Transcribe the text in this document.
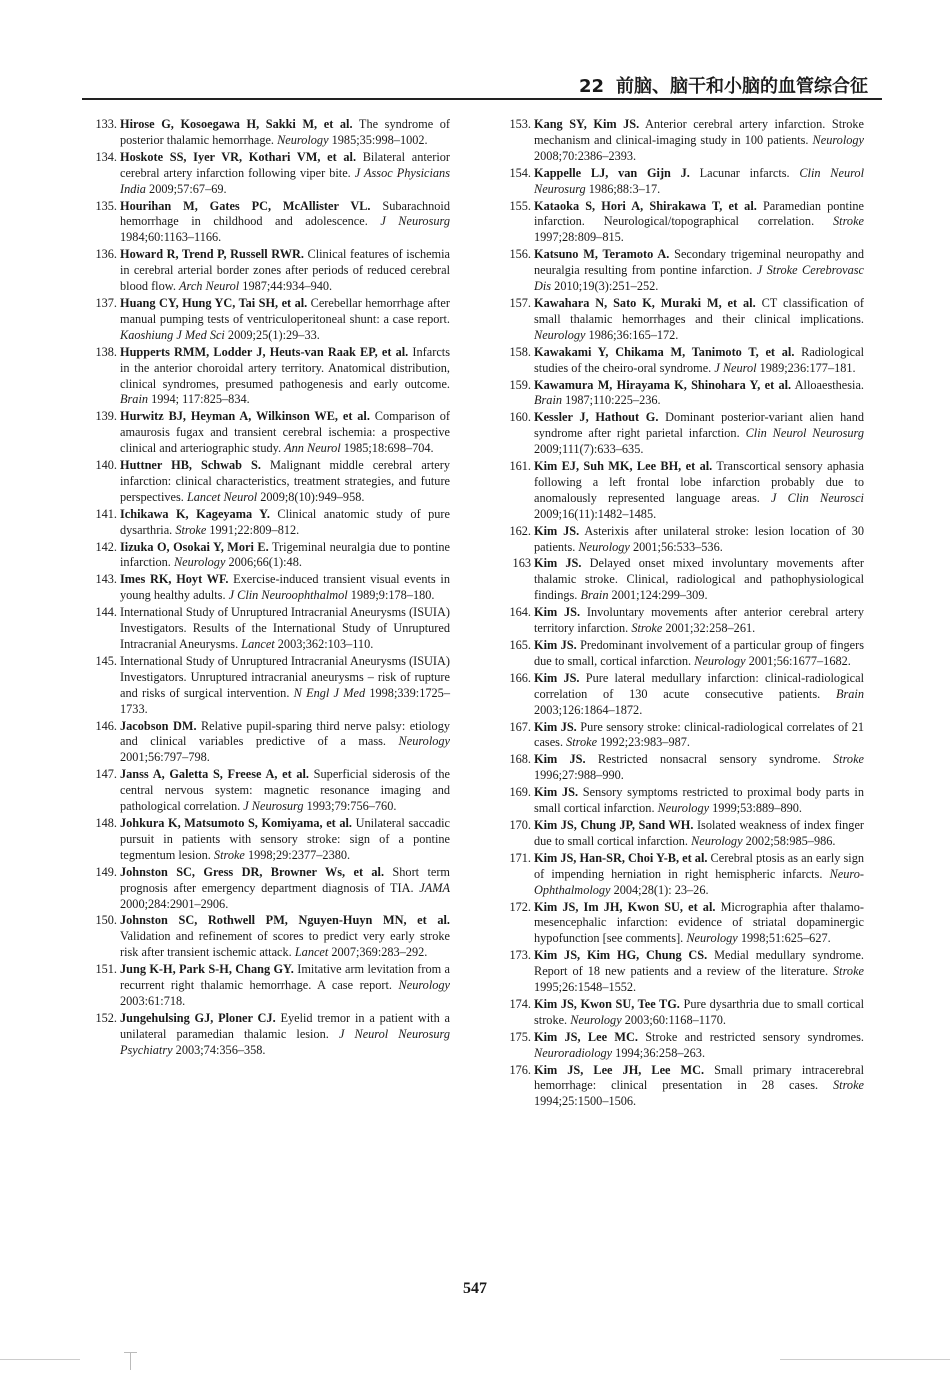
22 前脑、脑干和小脑的血管综合征
133. Hirose G, Kosoegawa H, Sakki M, et al. The syndrome of posterior thalamic hemorrhage. Neurology 1985;35:998–1002.
134. Hoskote SS, Iyer VR, Kothari VM, et al. Bilateral anterior cerebral artery infarction following viper bite. J Assoc Physicians India 2009;57:67–69.
135. Hourihan M, Gates PC, McAllister VL. Subarachnoid hemorrhage in childhood and adolescence. J Neurosurg 1984;60:1163–1166.
136. Howard R, Trend P, Russell RWR. Clinical features of ischemia in cerebral arterial border zones after periods of reduced cerebral blood flow. Arch Neurol 1987;44:934–940.
137. Huang CY, Hung YC, Tai SH, et al. Cerebellar hemorrhage after manual pumping tests of ventriculoperitoneal shunt: a case report. Kaoshiung J Med Sci 2009;25(1):29–33.
138. Hupperts RMM, Lodder J, Heuts-van Raak EP, et al. Infarcts in the anterior choroidal artery territory. Anatomical distribution, clinical syndromes, presumed pathogenesis and early outcome. Brain 1994; 117:825–834.
139. Hurwitz BJ, Heyman A, Wilkinson WE, et al. Comparison of amaurosis fugax and transient cerebral ischemia: a prospective clinical and arteriographic study. Ann Neurol 1985;18:698–704.
140. Huttner HB, Schwab S. Malignant middle cerebral artery infarction: clinical characteristics, treatment strategies, and future perspectives. Lancet Neurol 2009;8(10):949–958.
141. Ichikawa K, Kageyama Y. Clinical anatomic study of pure dysarthria. Stroke 1991;22:809–812.
142. Iizuka O, Osokai Y, Mori E. Trigeminal neuralgia due to pontine infarction. Neurology 2006;66(1):48.
143. Imes RK, Hoyt WF. Exercise-induced transient visual events in young healthy adults. J Clin Neuroophthalmol 1989;9:178–180.
144. International Study of Unruptured Intracranial Aneurysms (ISUIA) Investigators. Results of the International Study of Unruptured Intracranial Aneurysms. Lancet 2003;362:103–110.
145. International Study of Unruptured Intracranial Aneurysms (ISUIA) Investigators. Unruptured intracranial aneurysms – risk of rupture and risks of surgical intervention. N Engl J Med 1998;339:1725–1733.
146. Jacobson DM. Relative pupil-sparing third nerve palsy: etiology and clinical variables predictive of a mass. Neurology 2001;56:797–798.
147. Janss A, Galetta S, Freese A, et al. Superficial siderosis of the central nervous system: magnetic resonance imaging and pathological correlation. J Neurosurg 1993;79:756–760.
148. Johkura K, Matsumoto S, Komiyama, et al. Unilateral saccadic pursuit in patients with sensory stroke: sign of a pontine tegmentum lesion. Stroke 1998;29:2377–2380.
149. Johnston SC, Gress DR, Browner Ws, et al. Short term prognosis after emergency department diagnosis of TIA. JAMA 2000;284:2901–2906.
150. Johnston SC, Rothwell PM, Nguyen-Huyn MN, et al. Validation and refinement of scores to predict very early stroke risk after transient ischemic attack. Lancet 2007;369:283–292.
151. Jung K-H, Park S-H, Chang GY. Imitative arm levitation from a recurrent right thalamic hemorrhage. A case report. Neurology 2003:61:718.
152. Jungehulsing GJ, Ploner CJ. Eyelid tremor in a patient with a unilateral paramedian thalamic lesion. J Neurol Neurosurg Psychiatry 2003;74:356–358.
153. Kang SY, Kim JS. Anterior cerebral artery infarction. Stroke mechanism and clinical-imaging study in 100 patients. Neurology 2008;70:2386–2393.
154. Kappelle LJ, van Gijn J. Lacunar infarcts. Clin Neurol Neurosurg 1986;88:3–17.
155. Kataoka S, Hori A, Shirakawa T, et al. Paramedian pontine infarction. Neurological/topographical correlation. Stroke 1997;28:809–815.
156. Katsuno M, Teramoto A. Secondary trigeminal neuropathy and neuralgia resulting from pontine infarction. J Stroke Cerebrovasc Dis 2010;19(3):251–252.
157. Kawahara N, Sato K, Muraki M, et al. CT classification of small thalamic hemorrhages and their clinical implications. Neurology 1986;36:165–172.
158. Kawakami Y, Chikama M, Tanimoto T, et al. Radiological studies of the cheiro-oral syndrome. J Neurol 1989;236:177–181.
159. Kawamura M, Hirayama K, Shinohara Y, et al. Alloaesthesia. Brain 1987;110:225–236.
160. Kessler J, Hathout G. Dominant posterior-variant alien hand syndrome after right parietal infarction. Clin Neurol Neurosurg 2009;111(7):633–635.
161. Kim EJ, Suh MK, Lee BH, et al. Transcortical sensory aphasia following a left frontal lobe infarction probably due to anomalously represented language areas. J Clin Neurosci 2009;16(11):1482–1485.
162. Kim JS. Asterixis after unilateral stroke: lesion location of 30 patients. Neurology 2001;56:533–536.
163 Kim JS. Delayed onset mixed involuntary movements after thalamic stroke. Clinical, radiological and pathophysiological findings. Brain 2001;124:299–309.
164. Kim JS. Involuntary movements after anterior cerebral artery territory infarction. Stroke 2001;32:258–261.
165. Kim JS. Predominant involvement of a particular group of fingers due to small, cortical infarction. Neurology 2001;56:1677–1682.
166. Kim JS. Pure lateral medullary infarction: clinical-radiological correlation of 130 acute consecutive patients. Brain 2003;126:1864–1872.
167. Kim JS. Pure sensory stroke: clinical-radiological correlates of 21 cases. Stroke 1992;23:983–987.
168. Kim JS. Restricted nonsacral sensory syndrome. Stroke 1996;27:988–990.
169. Kim JS. Sensory symptoms restricted to proximal body parts in small cortical infarction. Neurology 1999;53:889–890.
170. Kim JS, Chung JP, Sand WH. Isolated weakness of index finger due to small cortical infarction. Neurology 2002;58:985–986.
171. Kim JS, Han-SR, Choi Y-B, et al. Cerebral ptosis as an early sign of impending herniation in right hemispheric infarcts. Neuro-Ophthalmology 2004;28(1): 23–26.
172. Kim JS, Im JH, Kwon SU, et al. Micrographia after thalamo-mesencephalic infarction: evidence of striatal dopaminergic hypofunction [see comments]. Neurology 1998;51:625–627.
173. Kim JS, Kim HG, Chung CS. Medial medullary syndrome. Report of 18 new patients and a review of the literature. Stroke 1995;26:1548–1552.
174. Kim JS, Kwon SU, Tee TG. Pure dysarthria due to small cortical stroke. Neurology 2003;60:1168–1170.
175. Kim JS, Lee MC. Stroke and restricted sensory syndromes. Neuroradiology 1994;36:258–263.
176. Kim JS, Lee JH, Lee MC. Small primary intracerebral hemorrhage: clinical presentation in 28 cases. Stroke 1994;25:1500–1506.
547
